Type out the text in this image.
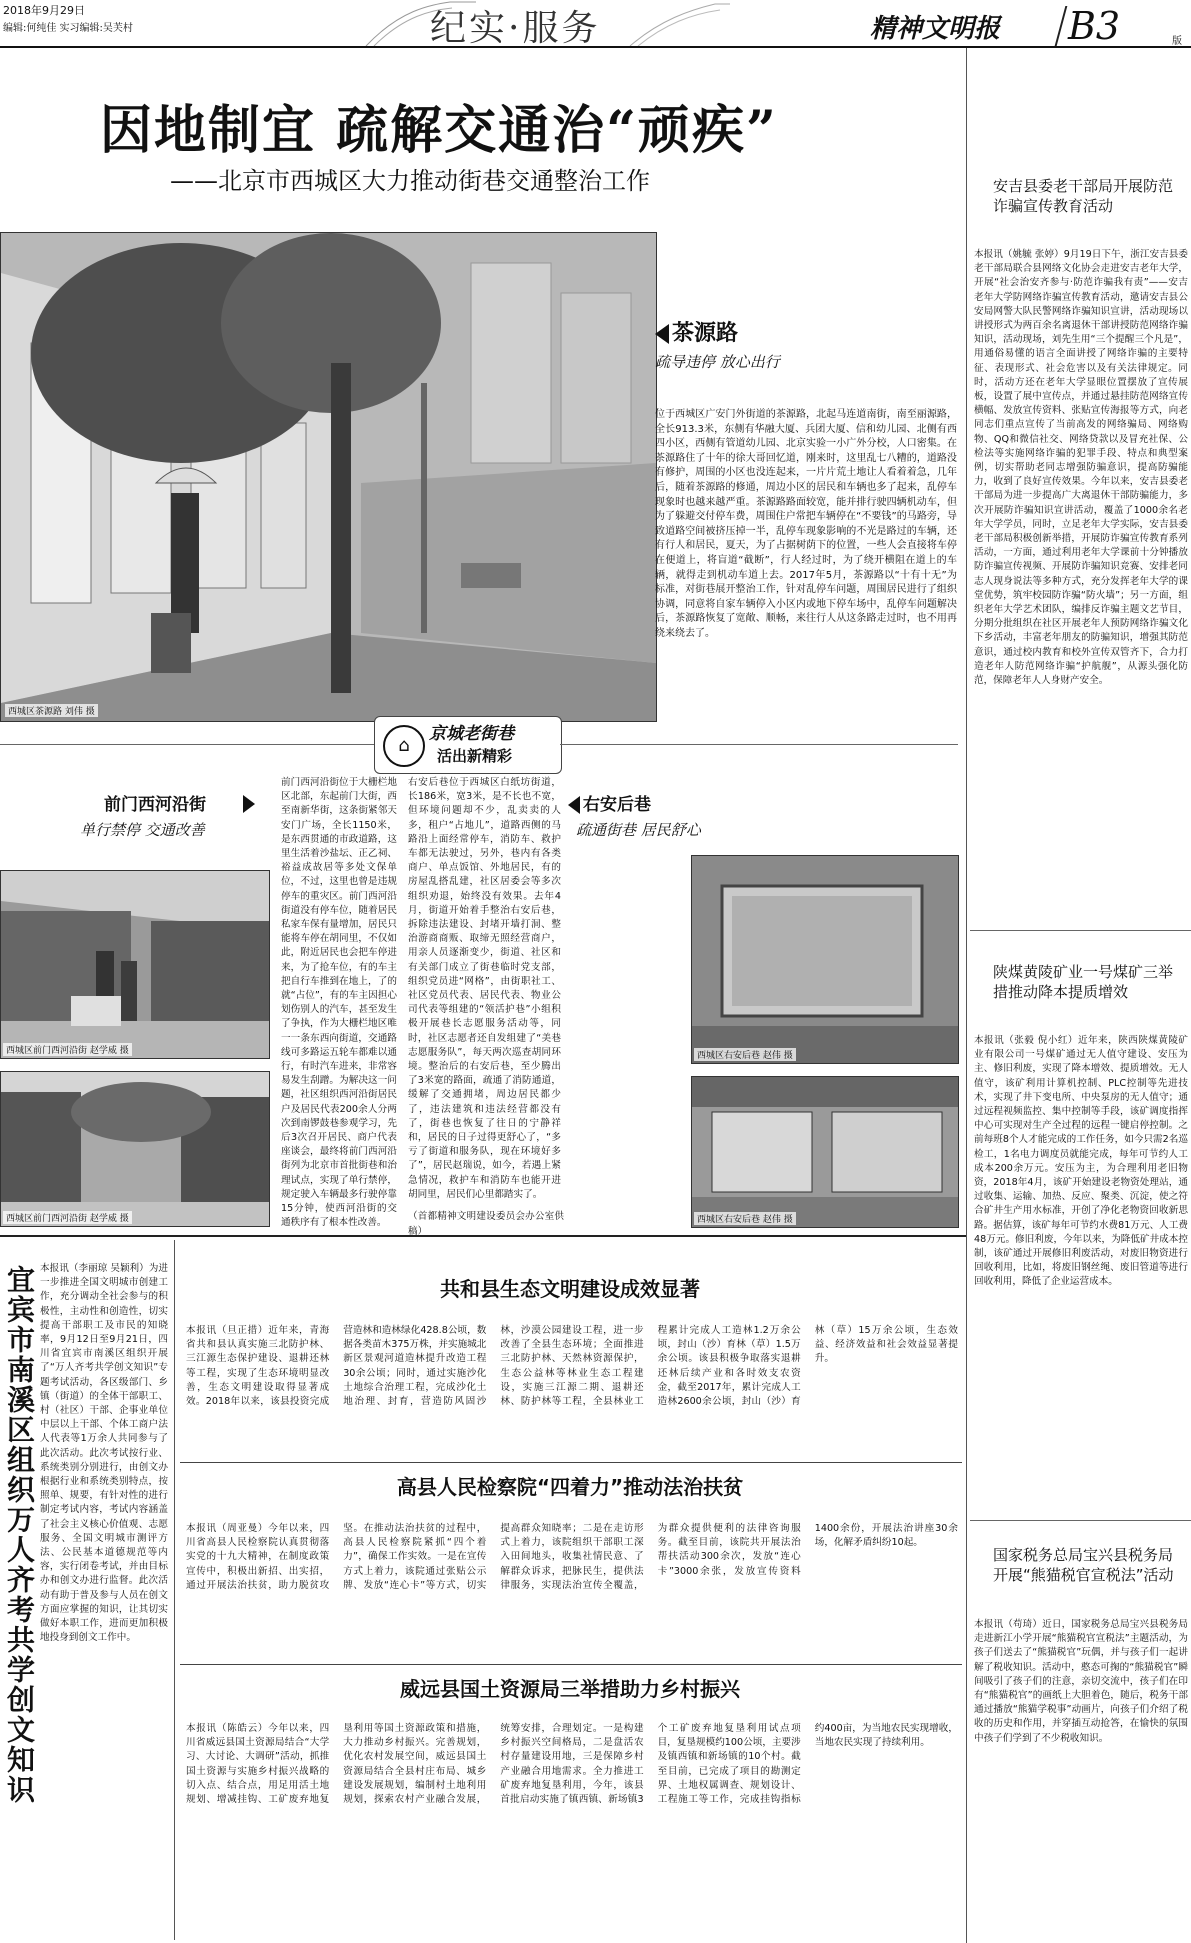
2018年9月29日
编辑:何纯佳 实习编辑:吴芙村	纪实·服务	精神文明报	B3	版
因地制宜 疏解交通治“顽疾”
——北京市西城区大力推动街巷交通整治工作
西城区茶源路 刘伟 摄
茶源路
疏导违停 放心出行
位于西城区广安门外街道的茶源路，北起马连道南街，南至丽源路，全长913.3米，东侧有华融大厦、兵团大厦、信和幼儿园、北侧有西四小区，西侧有管道幼儿园、北京实验一小广外分校，人口密集。在茶源路住了十年的徐大哥回忆道，刚来时，这里乱七八糟的，道路没有修护，周围的小区也没连起来，一片片荒土地让人看着着急，几年后，随着茶源路的修通，周边小区的居民和车辆也多了起来，乱停车现象时也越来越严重。茶源路路面较宽，能并排行驶四辆机动车，但为了躲避交付停车费，周围住户常把车辆停在“不要钱”的马路旁，导致道路空间被挤压掉一半，乱停车现象影响的不光是路过的车辆，还有行人和居民，夏天，为了占据树荫下的位置，一些人会直接将车停在便道上，将盲道“截断”，行人经过时，为了绕开横阻在道上的车辆，就得走到机动车道上去。2017年5月，茶源路以“十有十无”为标准，对街巷展开整治工作，针对乱停车问题，周围居民进行了组织协调，同意将自家车辆停入小区内或地下停车场中，乱停车问题解决后，茶源路恢复了宽敞、顺畅，来往行人从这条路走过时，也不用再绕来绕去了。
⌂
京城老街巷
活出新精彩
前门西河沿街
单行禁停 交通改善
西城区前门西河沿街 赵学威 摄
西城区前门西河沿街 赵学威 摄
前门西河沿街位于大栅栏地区北部，东起前门大街，西至南新华街，这条街紧邻天安门广场，全长1150米，是东西贯通的市政道路，这里生活着沙盐坛、正乙祠、裕益成故居等多处文保单位，不过，这里也曾是违规停车的重灾区。前门西河沿街道没有停车位，随着居民私家车保有量增加，居民只能将车停在胡同里，不仅如此，附近居民也会把车停进来，为了抢车位，有的车主把自行车推到在地上，了的就“占位”，有的车主因担心划伤别人的汽车，甚至发生了争执，作为大栅栏地区唯一一条东西向街道，交通路线可多路运五轮车都难以通行，有时汽车进来，非常容易发生刮蹭。为解决这一问题，社区组织西河沿街居民户及居民代表200余人分两次到南锣鼓巷参观学习，先后3次召开居民、商户代表座谈会，最终将前门西河沿街列为北京市首批街巷和治理试点，实现了单行禁停，规定驶入车辆最多行驶停靠15分钟，使西河沿街的交通秩序有了根本性改善。
右安后巷位于西城区白纸坊街道，长186米，宽3米，是不长也不宽，但环境问题却不少，乱卖卖的人多，租户“占地儿”，道路西侧的马路沿上面经常停车，消防车、救护车都无法驶过，另外，巷内有各类商户、单点饭馆、外地居民，有的房屋乱搭乱建，社区居委会等多次组织劝退，始终没有效果。去年4月，街道开始着手整治右安后巷，拆除违法建设、封堵开墙打洞、整治游商商贩、取缔无照经营商户，用亲人员逐渐变少，街道、社区和有关部门成立了街巷临时党支部，组织党员进“网格”，由街职社工、社区党员代表、居民代表、物业公司代表等组建的“领活护巷”小组积极开展巷长志愿服务活动等，同时，社区志愿者还自发组建了“美巷志愿服务队”，每天两次巡查胡同环境。整治后的右安后巷，至少腾出了3米宽的路面，疏通了消防通道，缓解了交通拥堵，周边居民都少了，违法建筑和违法经营都没有了，街巷也恢复了往日的宁静祥和，居民的日子过得更舒心了，“多亏了街道和服务队，现在环境好多了”，居民赵瑞说，如今，若遇上紧急情况，救护车和消防车也能开进胡同里，居民们心里都踏实了。
（首都精神文明建设委员会办公室供稿）
右安后巷
疏通街巷 居民舒心
西城区右安后巷 赵伟 摄
西城区右安后巷 赵伟 摄
安吉县委老干部局开展防范诈骗宣传教育活动
本报讯（姚毓 张婷）9月19日下午，浙江安吉县委老干部局联合县网络文化协会走进安吉老年大学，开展“社会治安齐参与·防范诈骗我有责”——安吉老年大学防网络诈骗宣传教育活动，邀请安吉县公安局网警大队民警网络诈骗知识宣讲，活动现场以讲授形式为两百余名离退休干部讲授防范网络诈骗知识，活动现场，刘先生用“三个提醒三个凡是”，用通俗易懂的语言全面讲授了网络诈骗的主要特征、表现形式、社会危害以及有关法律规定。同时，活动方还在老年大学显眼位置摆放了宣传展板，设置了展中宣传点，并通过悬挂防范网络宣传横幅、发放宣传资料、张贴宣传海报等方式，向老同志们重点宣传了当前高发的网络骗局、网络购物、QQ和微信社交、网络贷款以及冒充社保、公检法等实施网络诈骗的犯罪手段、特点和典型案例，切实帮助老同志增强防骗意识，提高防骗能力，收到了良好宣传效果。今年以来，安吉县委老干部局为进一步提高广大离退休干部防骗能力，多次开展防诈骗知识宣讲活动，覆盖了1000余名老年大学学员，同时，立足老年大学实际，安吉县委老干部局积极创新举措，开展防诈骗宣传教育系列活动，一方面，通过利用老年大学课前十分钟播放防诈骗宣传视频、开展防诈骗知识竞赛、安排老同志人现身说法等多种方式，充分发挥老年大学的课堂优势，筑牢校园防诈骗“防火墙”；另一方面，组织老年大学艺术团队，编排反诈骗主题文艺节目，分期分批组织在社区开展老年人预防网络诈骗文化下乡活动，丰富老年朋友的防骗知识，增强其防范意识，通过校内教育和校外宣传双管齐下，合力打造老年人防范网络诈骗“护航舰”，从源头强化防范，保障老年人人身财产安全。
陕煤黄陵矿业一号煤矿三举措推动降本提质增效
本报讯（张毅 倪小红）近年来，陕西陕煤黄陵矿业有限公司一号煤矿通过无人值守建设、安压为主、修旧利废，实现了降本增效、提质增效。无人值守，该矿利用计算机控制、PLC控制等先进技术，实现了井下变电所、中央泵房的无人值守；通过远程视频监控、集中控制等手段，该矿调度指挥中心可实现对生产全过程的远程一键启停控制。之前每班8个人才能完成的工作任务，如今只需2名巡检工，1名电力调度员就能完成，每年可节约人工成本200余万元。安压为主，为合理利用老旧物资，2018年4月，该矿开始建设老物资处理站，通过收集、运输、加热、反应、聚类、沉淀，使之符合矿井生产用水标准，开创了净化老物资回收新思路。据估算，该矿每年可节约水费81万元、人工费48万元。修旧利废，今年以来，为降低矿井成本控制，该矿通过开展修旧利废活动，对废旧物资进行回收利用，比如，将废旧钢丝绳、废旧管道等进行回收利用，降低了企业运营成本。
国家税务总局宝兴县税务局开展“熊猫税官宣税法”活动
本报讯（苟琦）近日，国家税务总局宝兴县税务局走进新江小学开展“熊猫税官宣税法”主题活动，为孩子们送去了“熊猫税官”玩偶，并与孩子们一起讲解了税收知识。活动中，憨态可掬的“熊猫税官”瞬间吸引了孩子们的注意，亲切交流中，孩子们在印有“熊猫税官”的画纸上大胆着色，随后，税务干部通过播放“熊猫学税事”动画片，向孩子们介绍了税收的历史和作用，并穿插互动抢答，在愉快的氛围中孩子们学到了不少税收知识。
宜宾市南溪区组织万人齐考共学创文知识 本报讯（李丽琼 吴颖利）为进一步推进全国文明城市创建工作，充分调动全社会参与的积极性，主动性和创造性，切实提高干部职工及市民的知晓率，9月12日至9月21日，四川省宜宾市南溪区组织开展了“万人齐考共学创文知识”专题考试活动，各区级部门、乡镇（街道）的全体干部职工、村（社区）干部、企事业单位中层以上干部、个体工商户法人代表等1万余人共同参与了此次活动。此次考试按行业、系统类别分别进行，由创文办根据行业和系统类别特点，按照单、规要，有针对性的进行制定考试内容，考试内容涵盖了社会主义核心价值观、志愿服务、全国文明城市测评方法、公民基本道德规范等内容，实行闭卷考试，并由目标办和创文办进行监督。此次活动有助于普及参与人员在创文方面应掌握的知识，让其切实做好本职工作，进而更加积极地投身到创文工作中。
共和县生态文明建设成效显著
本报讯（旦正措）近年来，青海省共和县认真实施三北防护林、三江源生态保护建设、退耕还林等工程，实现了生态环境明显改善，生态文明建设取得显著成效。2018年以来，该县投资完成营造林和造林绿化428.8公顷，数据各类苗木375万株，并实施城北新区景观河道造林提升改造工程30余公顷；同时，通过实施沙化土地综合治理工程，完成沙化土地治理、封育，营造防风固沙林，沙漠公园建设工程，进一步改善了全县生态环境；全面推进三北防护林、天然林资源保护，生态公益林等林业生态工程建设，实施三江源二期、退耕还林、防护林等工程，全县林业工程累计完成人工造林1.2万余公顷，封山（沙）育林（草）1.5万余公顷。该县积极争取落实退耕还林后续产业和各时效支农资金，截至2017年，累计完成人工造林2600余公顷，封山（沙）育林（草）15万余公顷，生态效益、经济效益和社会效益显著提升。
高县人民检察院“四着力”推动法治扶贫
本报讯（周亚曼）今年以来，四川省高县人民检察院认真贯彻落实党的十九大精神，在制度政策宣传中，积极出新招、出实招，通过开展法治扶贫，助力脱贫攻坚。在推动法治扶贫的过程中，高县人民检察院紧抓“四个着力”，确保工作实效。一是在宣传方式上着力，该院通过张贴公示牌、发放“连心卡”等方式，切实提高群众知晓率；二是在走访形式上着力，该院组织干部职工深入田间地头，收集社情民意、了解群众诉求，把脉民生，提供法律服务，实现法治宣传全覆盖，为群众提供便利的法律咨询服务。截至目前，该院共开展法治帮扶活动300余次，发放“连心卡”3000余张，发放宣传资料1400余份，开展法治讲座30余场，化解矛盾纠纷10起。
威远县国土资源局三举措助力乡村振兴
本报讯（陈皓云）今年以来，四川省威远县国土资源局结合“大学习、大讨论、大调研”活动，抓推国土资源与实施乡村振兴战略的切入点、结合点，用足用活土地规划、增减挂钩、工矿废弃地复垦利用等国土资源政策和措施，大力推动乡村振兴。完善规划，优化农村发展空间，威远县国土资源局结合全县村庄布局、城乡建设发展规划，编制村土地利用规划，探索农村产业融合发展，统筹安排，合理划定。一是构建乡村振兴空间格局，二是盘活农村存量建设用地，三是保障乡村产业融合用地需求。全力推进工矿废弃地复垦利用，今年，该县首批启动实施了镇西镇、新场镇3个工矿废弃地复垦利用试点项目，复垦规模约100公顷，主要涉及镇西镇和新场镇的10个村。截至目前，已完成了项目的勘测定界、土地权属调查、规划设计、工程施工等工作，完成挂钩指标约400亩，为当地农民实现增收，当地农民实现了持续利用。
